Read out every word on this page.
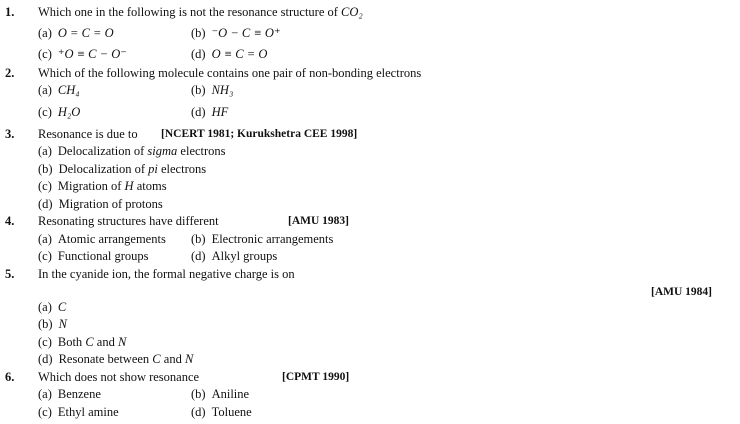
1. Which one in the following is not the resonance structure of CO₂
(a) O = C = O	(b) ⁻O − C ≡ O⁺
(c) ⁺O ≡ C − O⁻	(d) O ≡ C = O
2. Which of the following molecule contains one pair of non-bonding electrons
(a) CH₄	(b) NH₃
(c) H₂O	(d) HF
3. Resonance is due to [NCERT 1981; Kurukshetra CEE 1998]
(a) Delocalization of sigma electrons
(b) Delocalization of pi electrons
(c) Migration of H atoms
(d) Migration of protons
4. Resonating structures have different	[AMU 1983]
(a) Atomic arrangements (b) Electronic arrangements
(c) Functional groups	(d) Alkyl groups
5. In the cyanide ion, the formal negative charge is on
[AMU 1984]
(a) C
(b) N
(c) Both C and N
(d) Resonate between C and N
6. Which does not show resonance	[CPMT 1990]
(a) Benzene	(b) Aniline
(c) Ethyl amine	(d) Toluene
